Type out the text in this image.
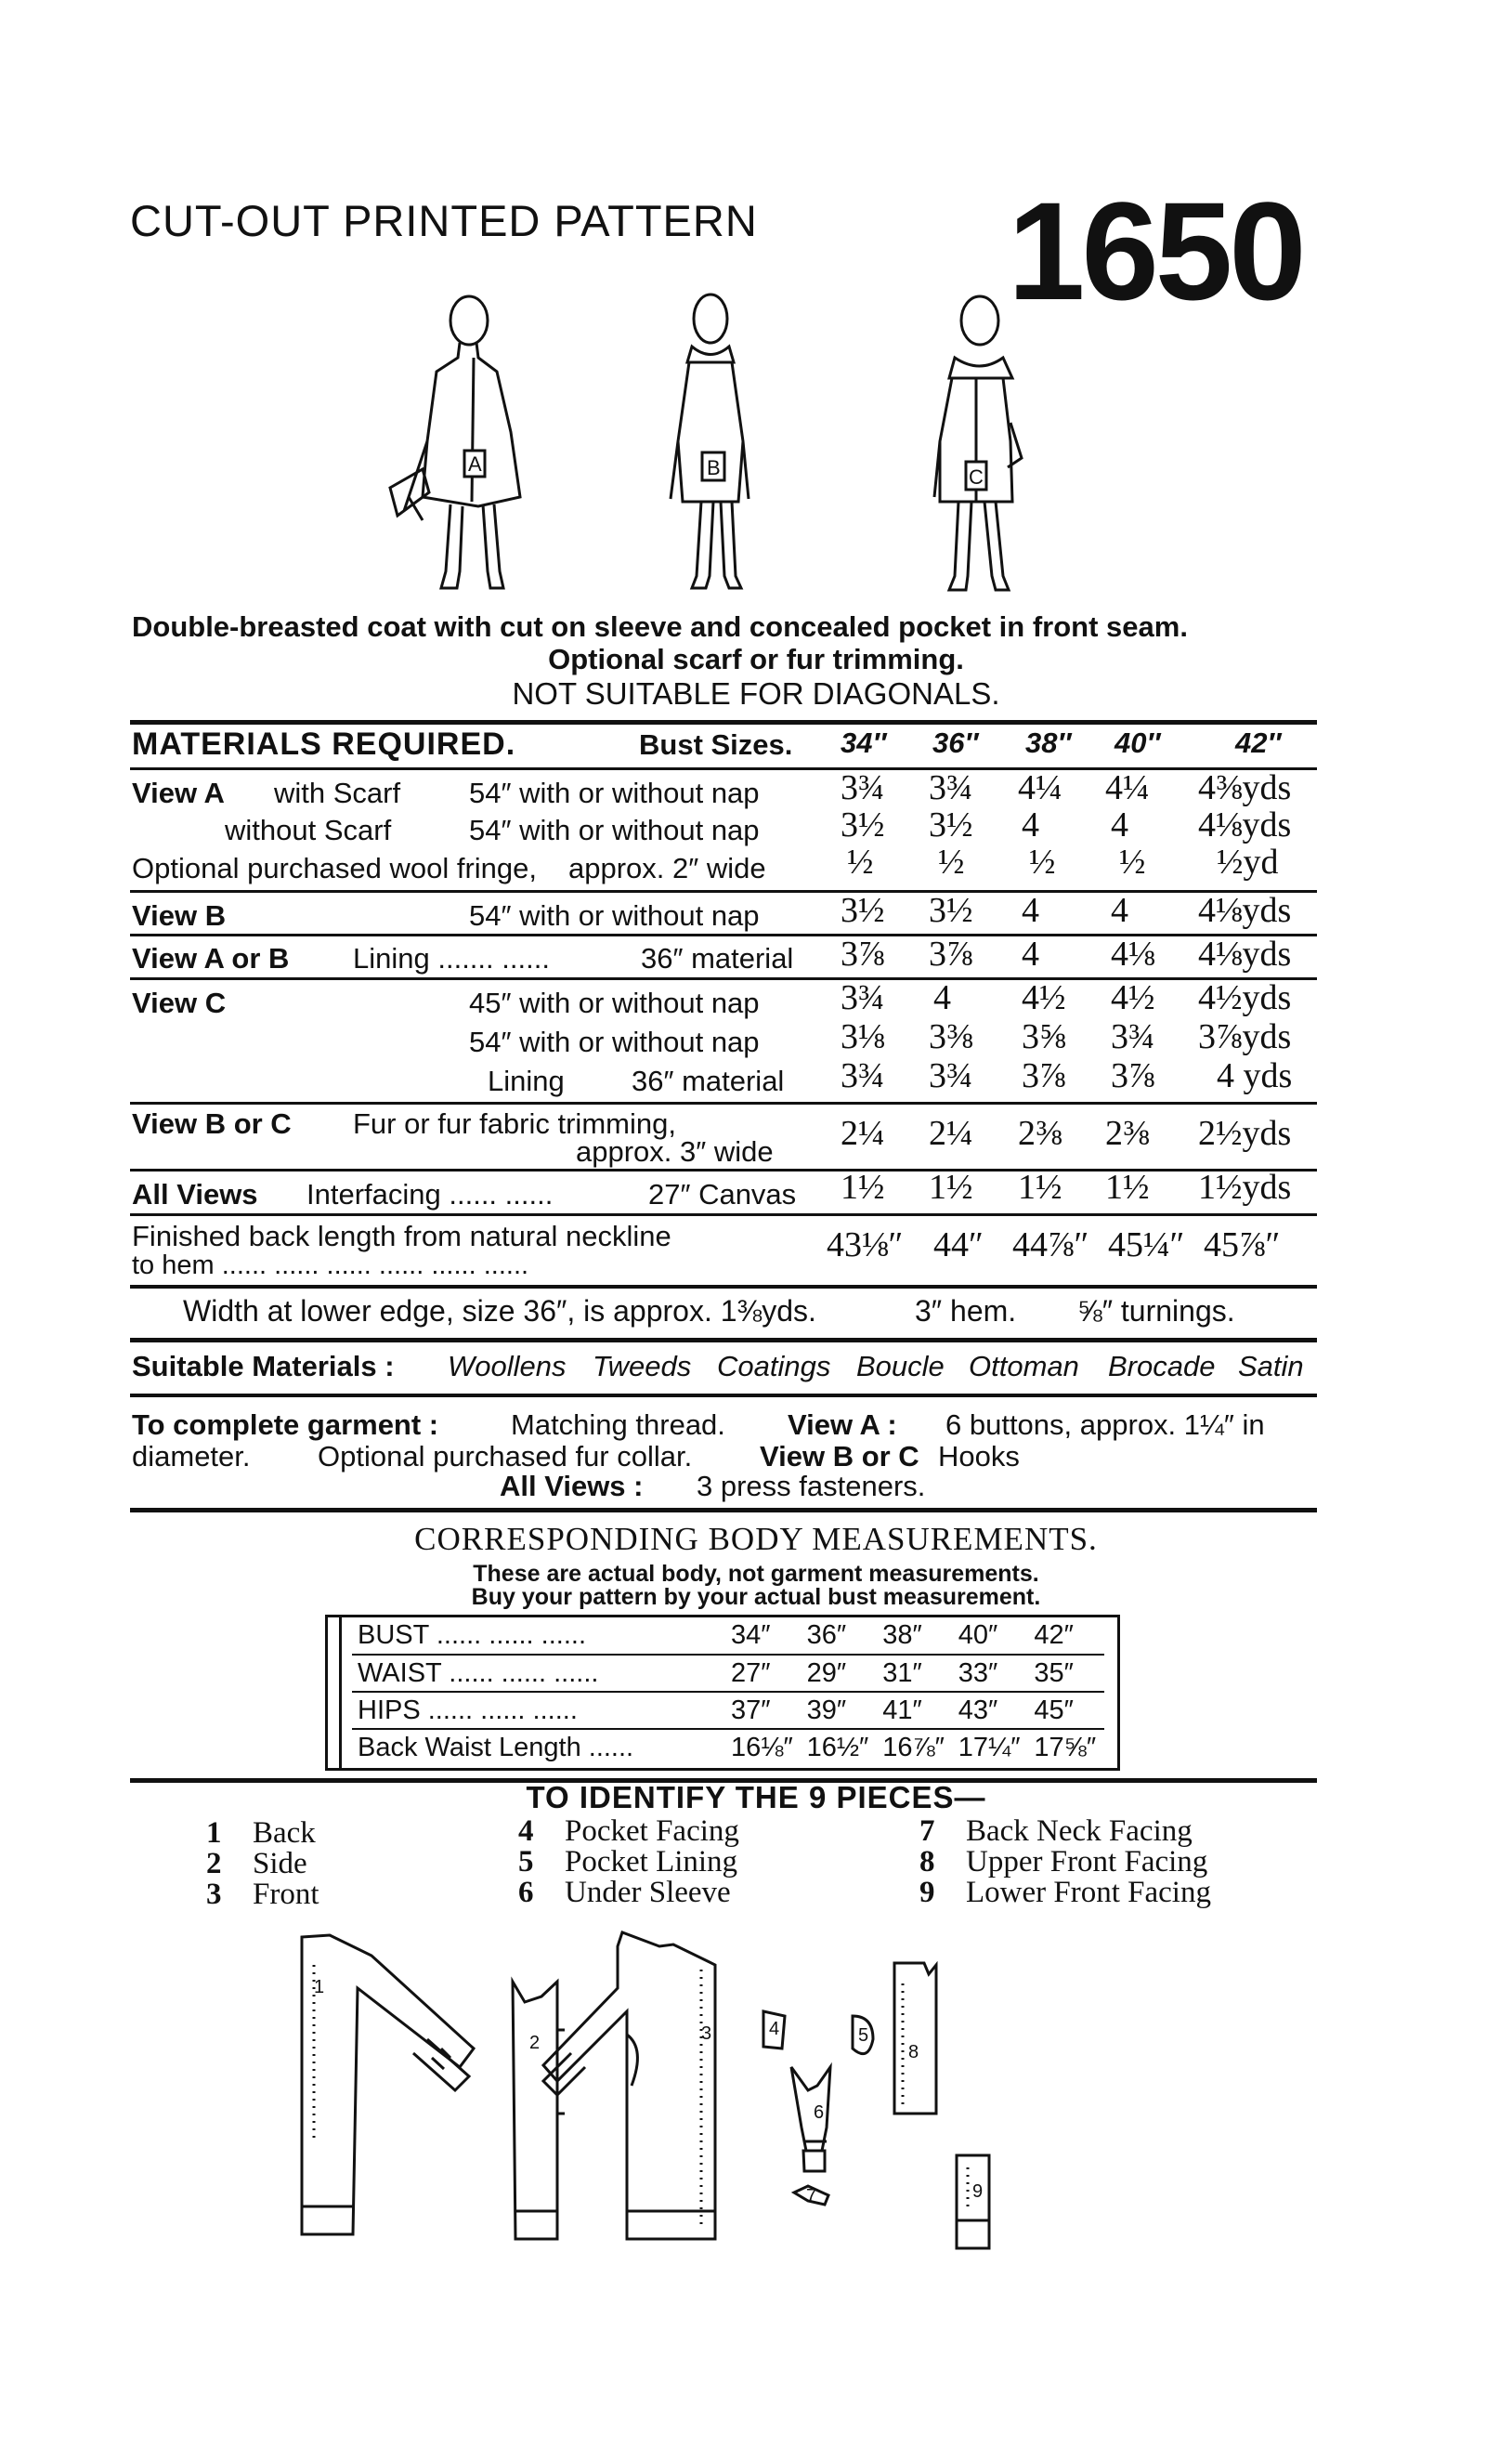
CUT-OUT PRINTED PATTERN 1650
A	B	C
Double-breasted coat with cut on sleeve and concealed pocket in front seam.
Optional scarf or fur trimming.
NOT SUITABLE FOR DIAGONALS.
MATERIALS REQUIRED.	Bust Sizes. 34″ 36″ 38″ 40″	42″
View A with Scarf 54″ with or without nap 3¾ 3¾ 4¼ 4¼ 4⅜yds
without Scarf	54″ with or without nap 3½ 3½ 4 4 4⅛yds
Optional purchased wool fringe, approx. 2″ wide ½ ½ ½ ½ ½yd
View B	54″ with or without nap 3½ 3½ 4 4 4⅛yds
View A or B Lining ....... ......	36″ material 3⅞ 3⅞ 4 4⅛ 4⅛yds
View C	45″ with or without nap 3¾ 4 4½ 4½ 4½yds
54″ with or without nap 3⅛ 3⅜ 3⅝ 3¾ 3⅞yds
Lining 36″ material 3¾ 3¾ 3⅞ 3⅞ 4 yds
View B or C Fur or fur fabric trimming,
approx. 3″ wide 2¼ 2¼ 2⅜ 2⅜ 2½yds
All Views Interfacing ...... ......	27″ Canvas 1½ 1½ 1½ 1½ 1½yds
Finished back length from natural neckline
to hem ...... ...... ...... ...... ...... ......
43⅛″ 44″ 44⅞″ 45¼″ 45⅞″
Width at lower edge, size 36″, is approx. 1⅜yds.	3″ hem. ⅝″ turnings.
Suitable Materials : Woollens Tweeds Coatings Boucle Ottoman Brocade Satin
To complete garment :	Matching thread. View A : 6 buttons, approx. 1¼″ in
diameter. Optional purchased fur collar. View B or C Hooks
All Views : 3 press fasteners.
CORRESPONDING BODY MEASUREMENTS.
These are actual body, not garment measurements.
Buy your pattern by your actual bust measurement.
BUST ...... ...... ......	34″	36″	38″	40″	42″
WAIST ...... ...... ......	27″	29″	31″	33″	35″
HIPS ...... ...... ......	37″	39″	41″	43″	45″
Back Waist Length ......	16⅛″	16½″	16⅞″	17¼″	17⅝″
TO IDENTIFY THE 9 PIECES—
1 Back
2 Side
3 Front
4 Pocket Facing
5 Pocket Lining
6 Under Sleeve
7 Back Neck Facing
8 Upper Front Facing
9 Lower Front Facing
1
2	3	4	5
6
7
8
9
